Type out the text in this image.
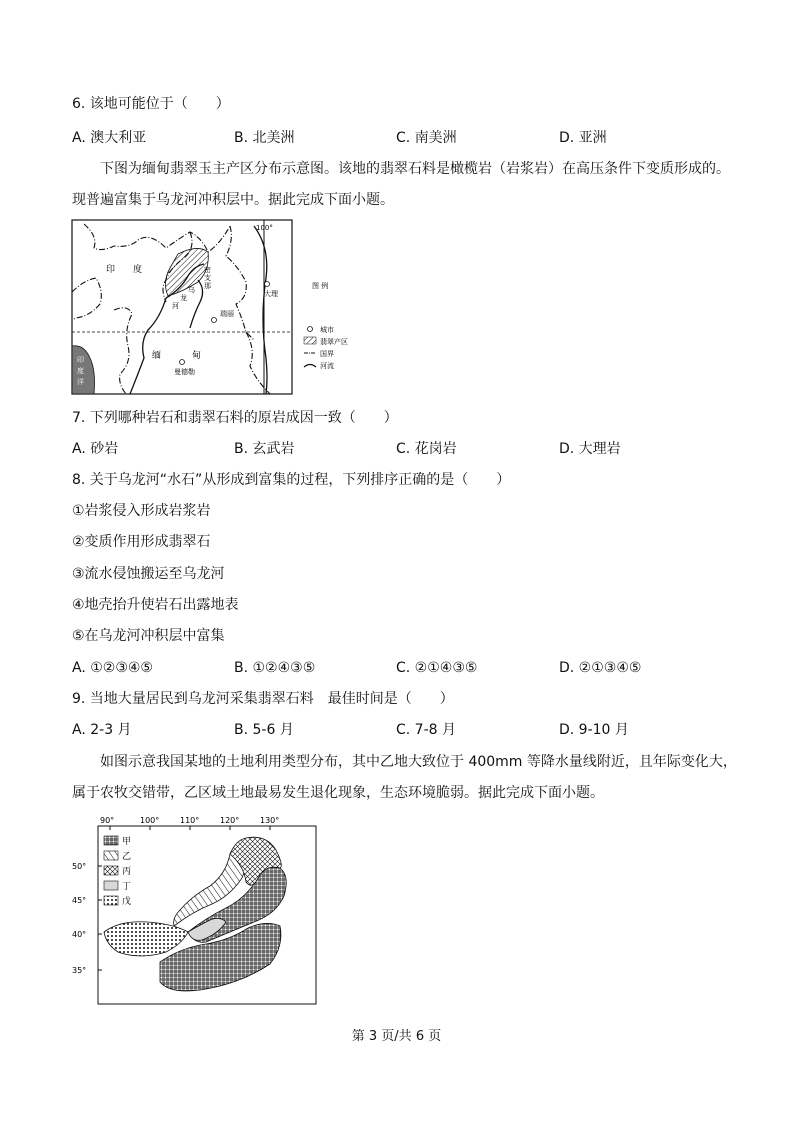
6. 该地可能位于（　　）
A. 澳大利亚	B. 北美洲	C. 南美洲	D. 亚洲
下图为缅甸翡翠玉主产区分布示意图。该地的翡翠石料是橄榄岩（岩浆岩）在高压条件下变质形成的。
现普遍富集于乌龙河冲积层中。据此完成下面小题。
100°
印　　度
缅	甸
曼德勒
大理
瑞丽
密
支
那
乌
龙
河
印
度
洋
图 例
城市
翡翠产区
国界
河流
7. 下列哪种岩石和翡翠石料的原岩成因一致（　　）
A. 砂岩	B. 玄武岩	C. 花岗岩	D. 大理岩
8. 关于乌龙河“水石”从形成到富集的过程，下列排序正确的是（　　）
①岩浆侵入形成岩浆岩
②变质作用形成翡翠石
③流水侵蚀搬运至乌龙河
④地壳抬升使岩石出露地表
⑤在乌龙河冲积层中富集
A. ①②③④⑤	B. ①②④③⑤	C. ②①④③⑤	D. ②①③④⑤
9. 当地大量居民到乌龙河采集翡翠石料　最佳时间是（　　）
A. 2-3 月	B. 5-6 月	C. 7-8 月	D. 9-10 月
如图示意我国某地的土地利用类型分布，其中乙地大致位于 400mm 等降水量线附近，且年际变化大，
属于农牧交错带，乙区域土地最易发生退化现象，生态环境脆弱。据此完成下面小题。
90°	100°	110°	120°	130°
50°
45°
40°
35°
甲
乙
丙
丁
戊
第 3 页/共 6 页
